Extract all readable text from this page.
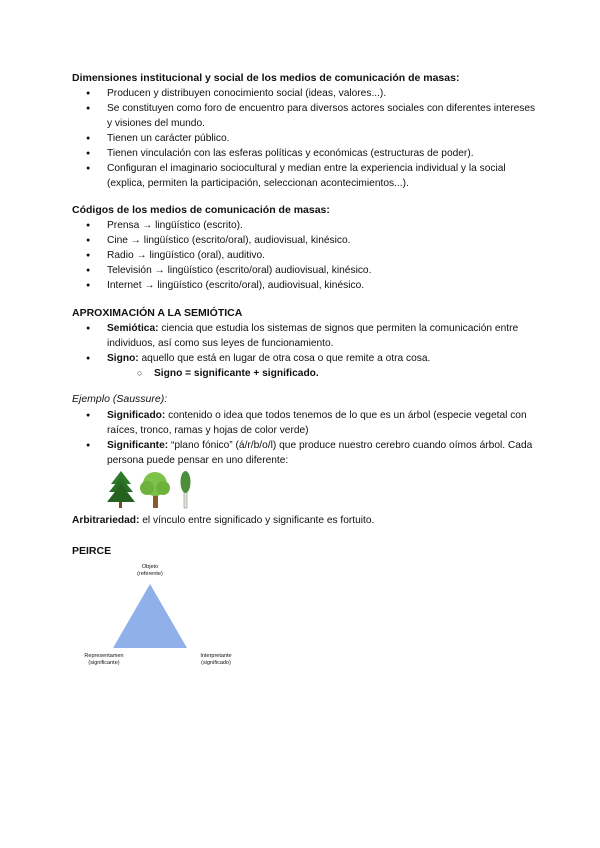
Dimensiones institucional y social de los medios de comunicación de masas:
● Producen y distribuyen conocimiento social (ideas, valores...).
● Se constituyen como foro de encuentro para diversos actores sociales con diferentes intereses y visiones del mundo.
● Tienen un carácter público.
● Tienen vinculación con las esferas políticas y económicas (estructuras de poder).
● Configuran el imaginario sociocultural y median entre la experiencia individual y la social (explica, permiten la participación, seleccionan acontecimientos...).
Códigos de los medios de comunicación de masas:
● Prensa → lingüístico (escrito).
● Cine → lingüístico (escrito/oral), audiovisual, kinésico.
● Radio → lingüístico (oral), auditivo.
● Televisión → lingüístico (escrito/oral) audiovisual, kinésico.
● Internet → lingüístico (escrito/oral), audiovisual, kinésico.
APROXIMACIÓN A LA SEMIÓTICA
● Semiótica: ciencia que estudia los sistemas de signos que permiten la comunicación entre individuos, así como sus leyes de funcionamiento.
● Signo: aquello que está en lugar de otra cosa o que remite a otra cosa.
○ Signo = significante + significado.
Ejemplo (Saussure):
● Significado: contenido o idea que todos tenemos de lo que es un árbol (especie vegetal con raíces, tronco, ramas y hojas de color verde)
● Significante: “plano fónico” (á/r/b/o/l) que produce nuestro cerebro cuando oímos árbol. Cada persona puede pensar en uno diferente:
Arbitrariedad: el vínculo entre significado y significante es fortuito.
PEIRCE
Objeto
(referente)
Representamen
(significante)
Interpretante
(significado)
